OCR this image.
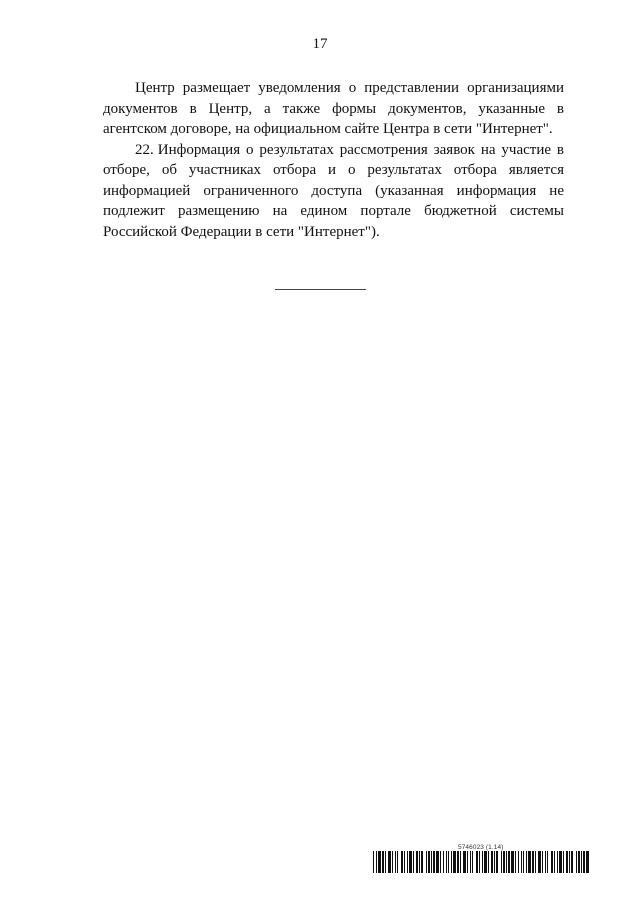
17

Центр размещает уведомления о представлении организациями документов в Центр, а также формы документов, указанные в агентском договоре, на официальном сайте Центра в сети "Интернет".

22. Информация о результатах рассмотрения заявок на участие в отборе, об участниках отбора и о результатах отбора является информацией ограниченного доступа (указанная информация не подлежит размещению на едином портале бюджетной системы Российской Федерации в сети "Интернет").

5746023 (1.14)
